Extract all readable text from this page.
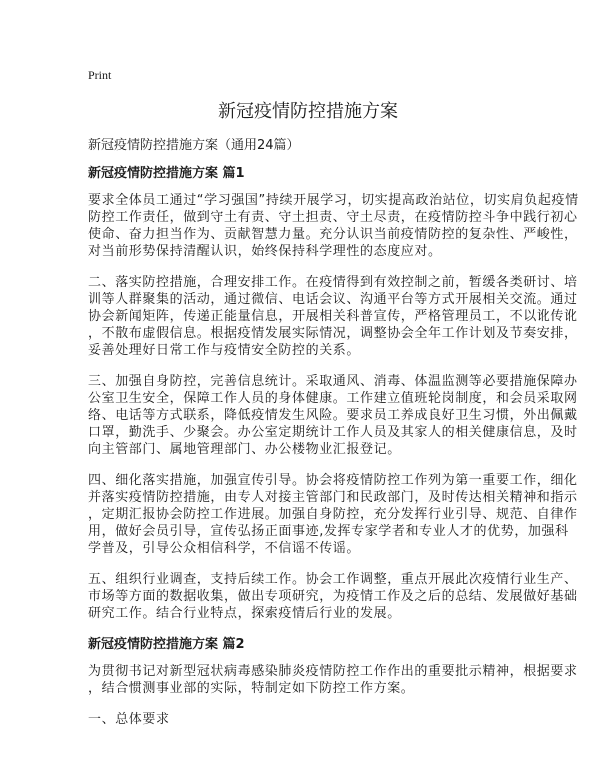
Print
新冠疫情防控措施方案
新冠疫情防控措施方案（通用24篇）
新冠疫情防控措施方案 篇1
要求全体员工通过“学习强国”持续开展学习，切实提高政治站位，切实肩负起疫情
防控工作责任，做到守土有责、守土担责、守土尽责，在疫情防控斗争中践行初心
使命、奋力担当作为、贡献智慧力量。充分认识当前疫情防控的复杂性、严峻性，
对当前形势保持清醒认识，始终保持科学理性的态度应对。
二、落实防控措施，合理安排工作。在疫情得到有效控制之前，暂缓各类研讨、培
训等人群聚集的活动，通过微信、电话会议、沟通平台等方式开展相关交流。通过
协会新闻矩阵，传递正能量信息，开展相关科普宣传，严格管理员工，不以讹传讹
，不散布虚假信息。根据疫情发展实际情况，调整协会全年工作计划及节奏安排，
妥善处理好日常工作与疫情安全防控的关系。
三、加强自身防控，完善信息统计。采取通风、消毒、体温监测等必要措施保障办
公室卫生安全，保障工作人员的身体健康。工作建立值班轮岗制度，和会员采取网
络、电话等方式联系，降低疫情发生风险。要求员工养成良好卫生习惯，外出佩戴
口罩，勤洗手、少聚会。办公室定期统计工作人员及其家人的相关健康信息，及时
向主管部门、属地管理部门、办公楼物业汇报登记。
四、细化落实措施，加强宣传引导。协会将疫情防控工作列为第一重要工作，细化
并落实疫情防控措施，由专人对接主管部门和民政部门，及时传达相关精神和指示
，定期汇报协会防控工作进展。加强自身防控，充分发挥行业引导、规范、自律作
用，做好会员引导，宣传弘扬正面事迹,发挥专家学者和专业人才的优势，加强科
学普及，引导公众相信科学，不信谣不传谣。
五、组织行业调查，支持后续工作。协会工作调整，重点开展此次疫情行业生产、
市场等方面的数据收集，做出专项研究，为疫情工作及之后的总结、发展做好基础
研究工作。结合行业特点，探索疫情后行业的发展。
新冠疫情防控措施方案 篇2
为贯彻书记对新型冠状病毒感染肺炎疫情防控工作作出的重要批示精神，根据要求
，结合惯测事业部的实际，特制定如下防控工作方案。
一、总体要求
